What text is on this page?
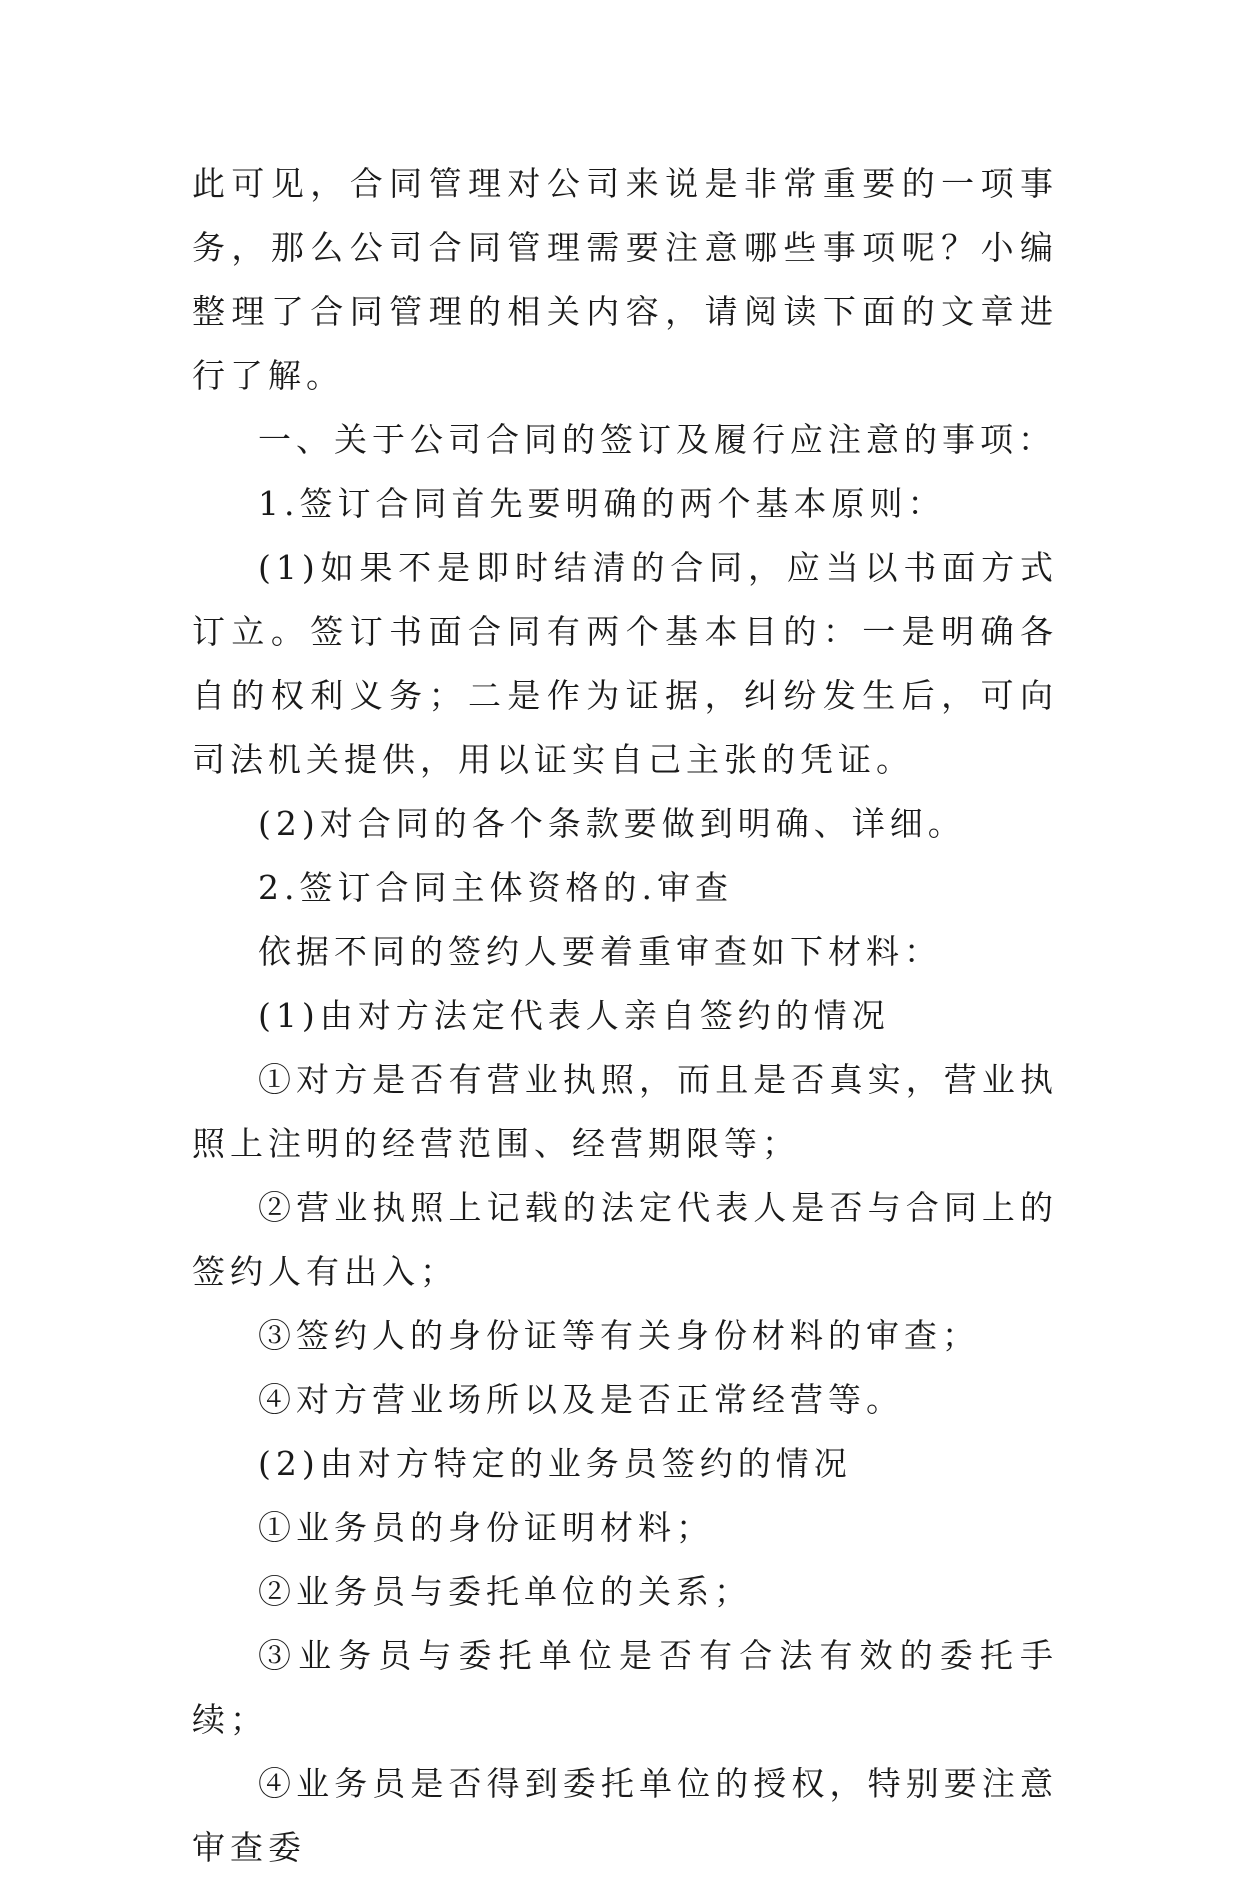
此可见，合同管理对公司来说是非常重要的一项事务，那么公司合同管理需要注意哪些事项呢？小编整理了合同管理的相关内容，请阅读下面的文章进行了解。

一、关于公司合同的签订及履行应注意的事项：

1.签订合同首先要明确的两个基本原则：

(1)如果不是即时结清的合同，应当以书面方式订立。签订书面合同有两个基本目的：一是明确各自的权利义务；二是作为证据，纠纷发生后，可向司法机关提供，用以证实自己主张的凭证。

(2)对合同的各个条款要做到明确、详细。

2.签订合同主体资格的.审查

依据不同的签约人要着重审查如下材料：

(1)由对方法定代表人亲自签约的情况

①对方是否有营业执照，而且是否真实，营业执照上注明的经营范围、经营期限等；

②营业执照上记载的法定代表人是否与合同上的签约人有出入；

③签约人的身份证等有关身份材料的审查；

④对方营业场所以及是否正常经营等。

(2)由对方特定的业务员签约的情况

①业务员的身份证明材料；

②业务员与委托单位的关系；

③业务员与委托单位是否有合法有效的委托手续；

④业务员是否得到委托单位的授权，特别要注意审查委
